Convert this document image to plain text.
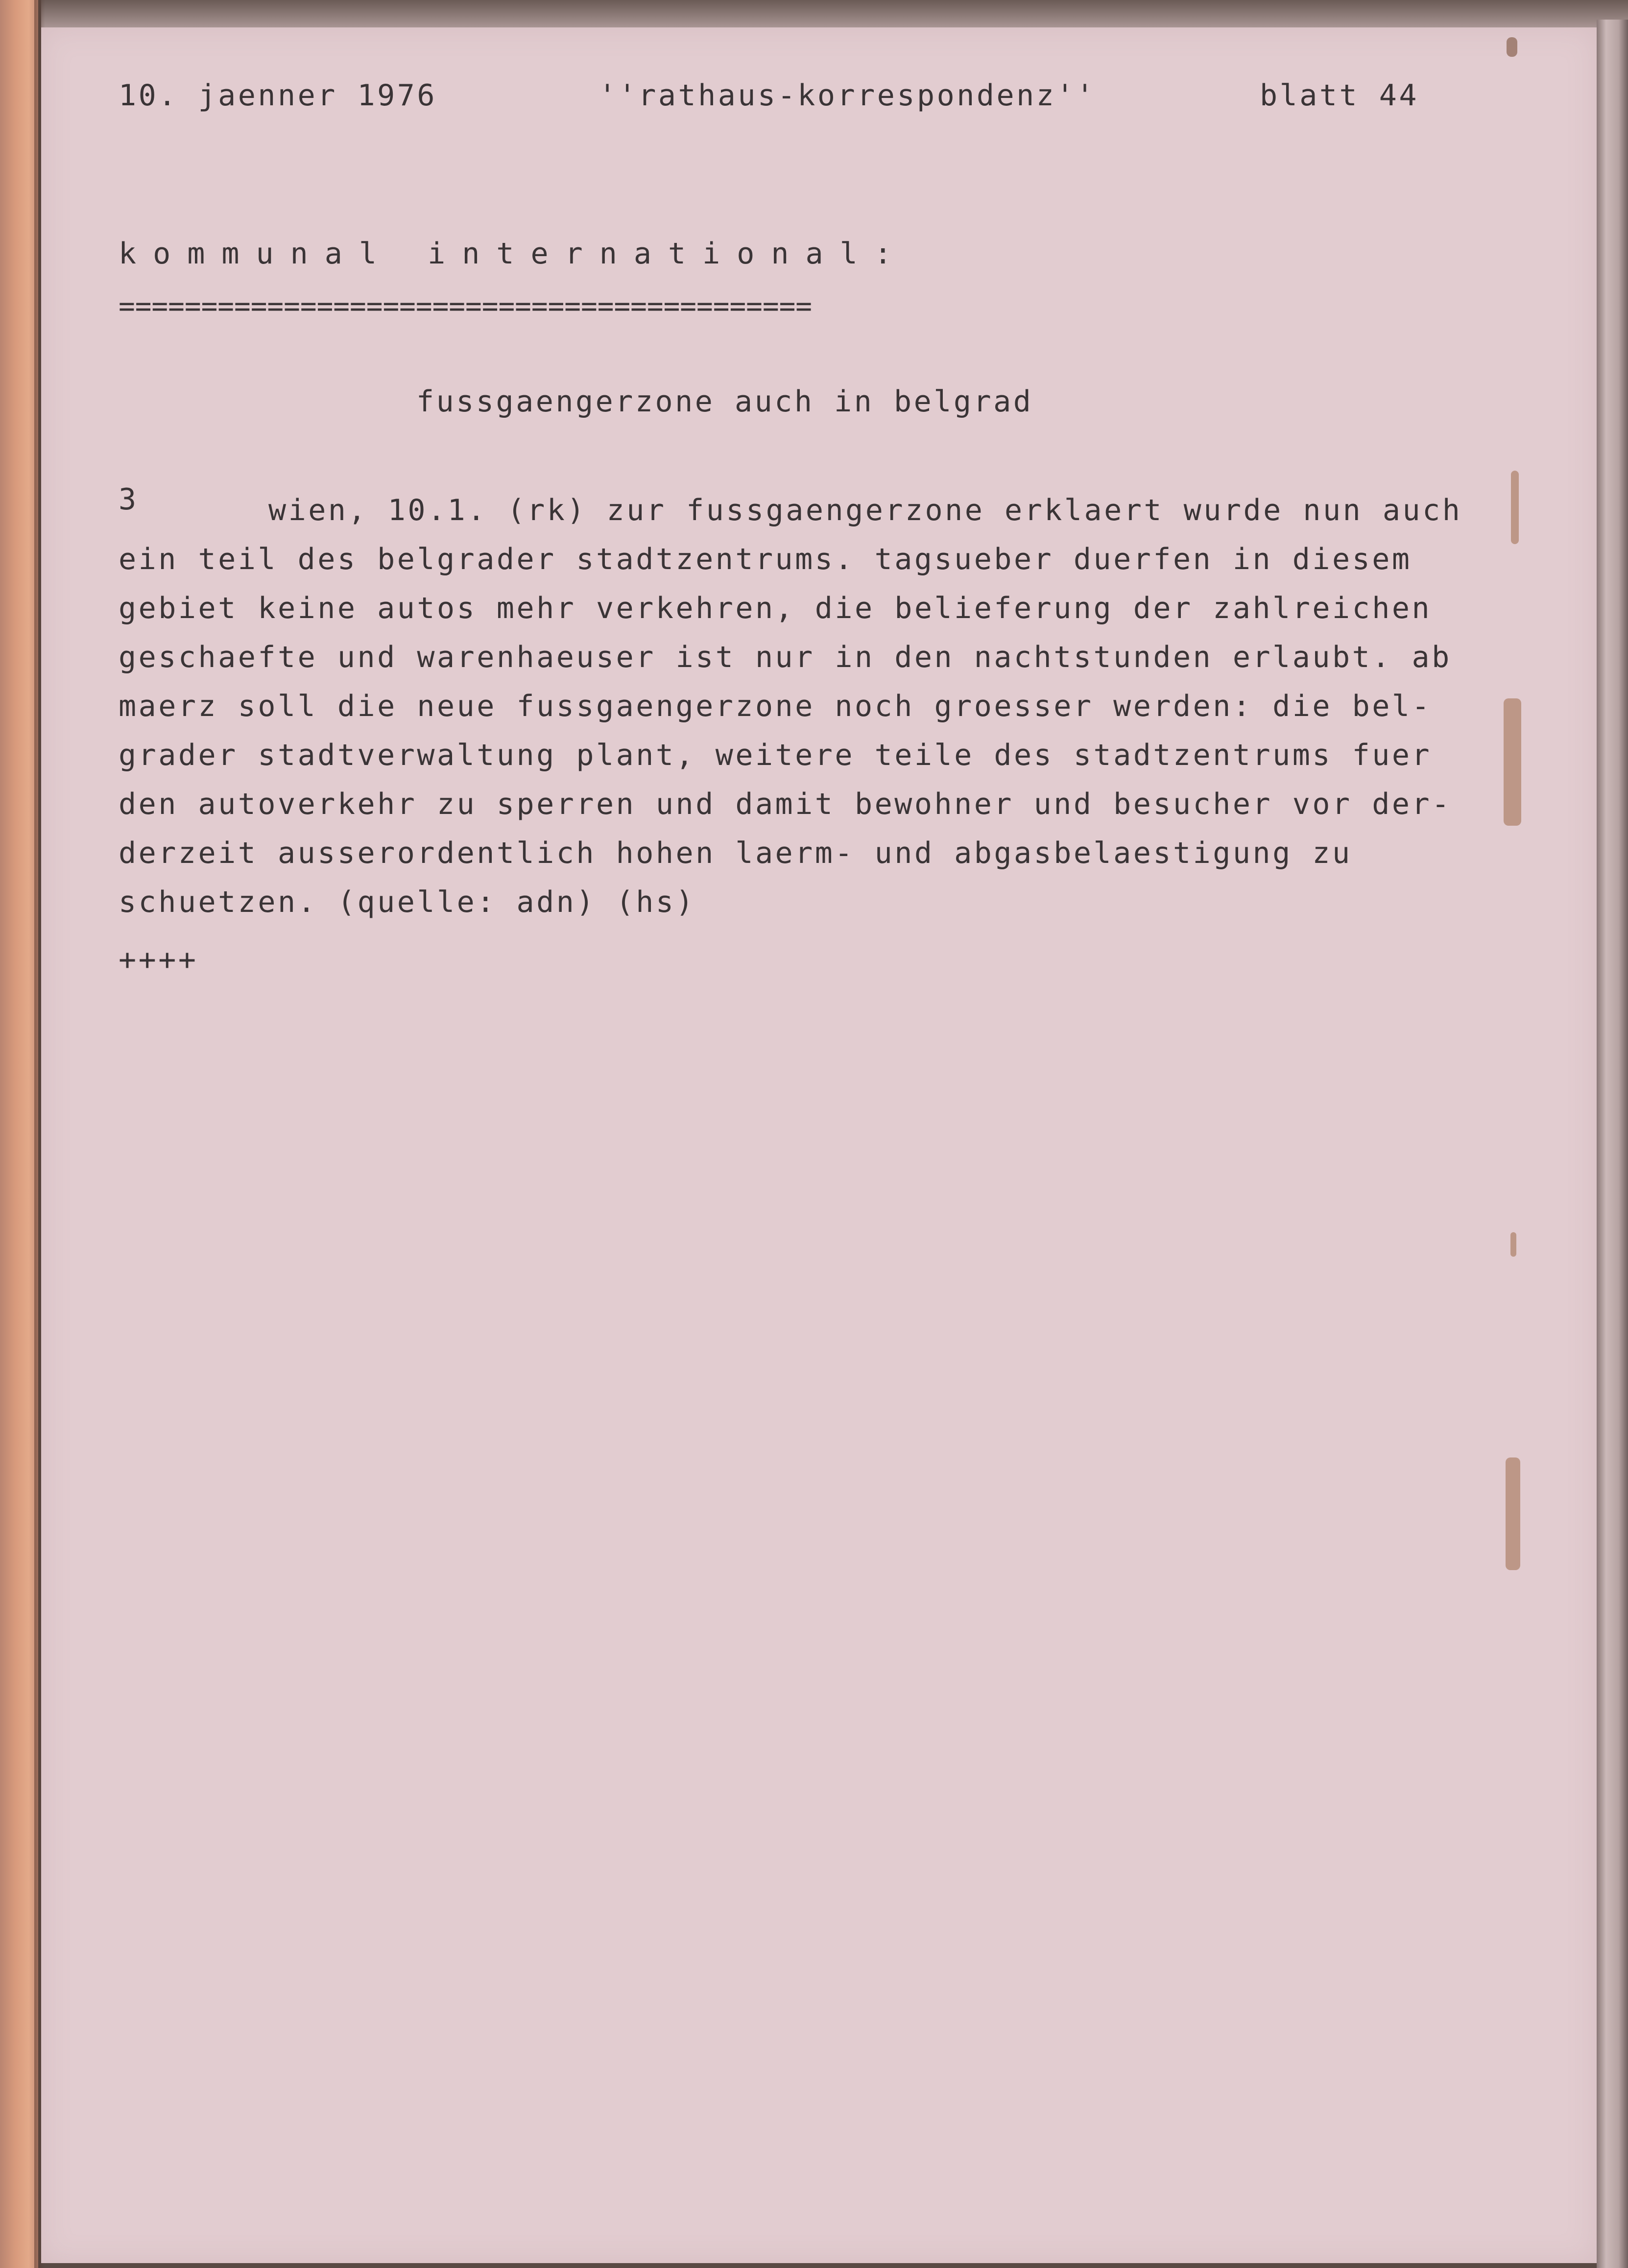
10. jaenner 1976	''rathaus-korrespondenz''	blatt 44

kommunal international:

==========================================

fussgaengerzone auch in belgrad

3	wien, 10.1. (rk) zur fussgaengerzone erklaert wurde nun auch

ein teil des belgrader stadtzentrums. tagsueber duerfen in diesem

gebiet keine autos mehr verkehren, die belieferung der zahlreichen

geschaefte und warenhaeuser ist nur in den nachtstunden erlaubt. ab

maerz soll die neue fussgaengerzone noch groesser werden: die bel-

grader stadtverwaltung plant, weitere teile des stadtzentrums fuer

den autoverkehr zu sperren und damit bewohner und besucher vor der-

derzeit ausserordentlich hohen laerm- und abgasbelaestigung zu

schuetzen. (quelle: adn) (hs)

++++
